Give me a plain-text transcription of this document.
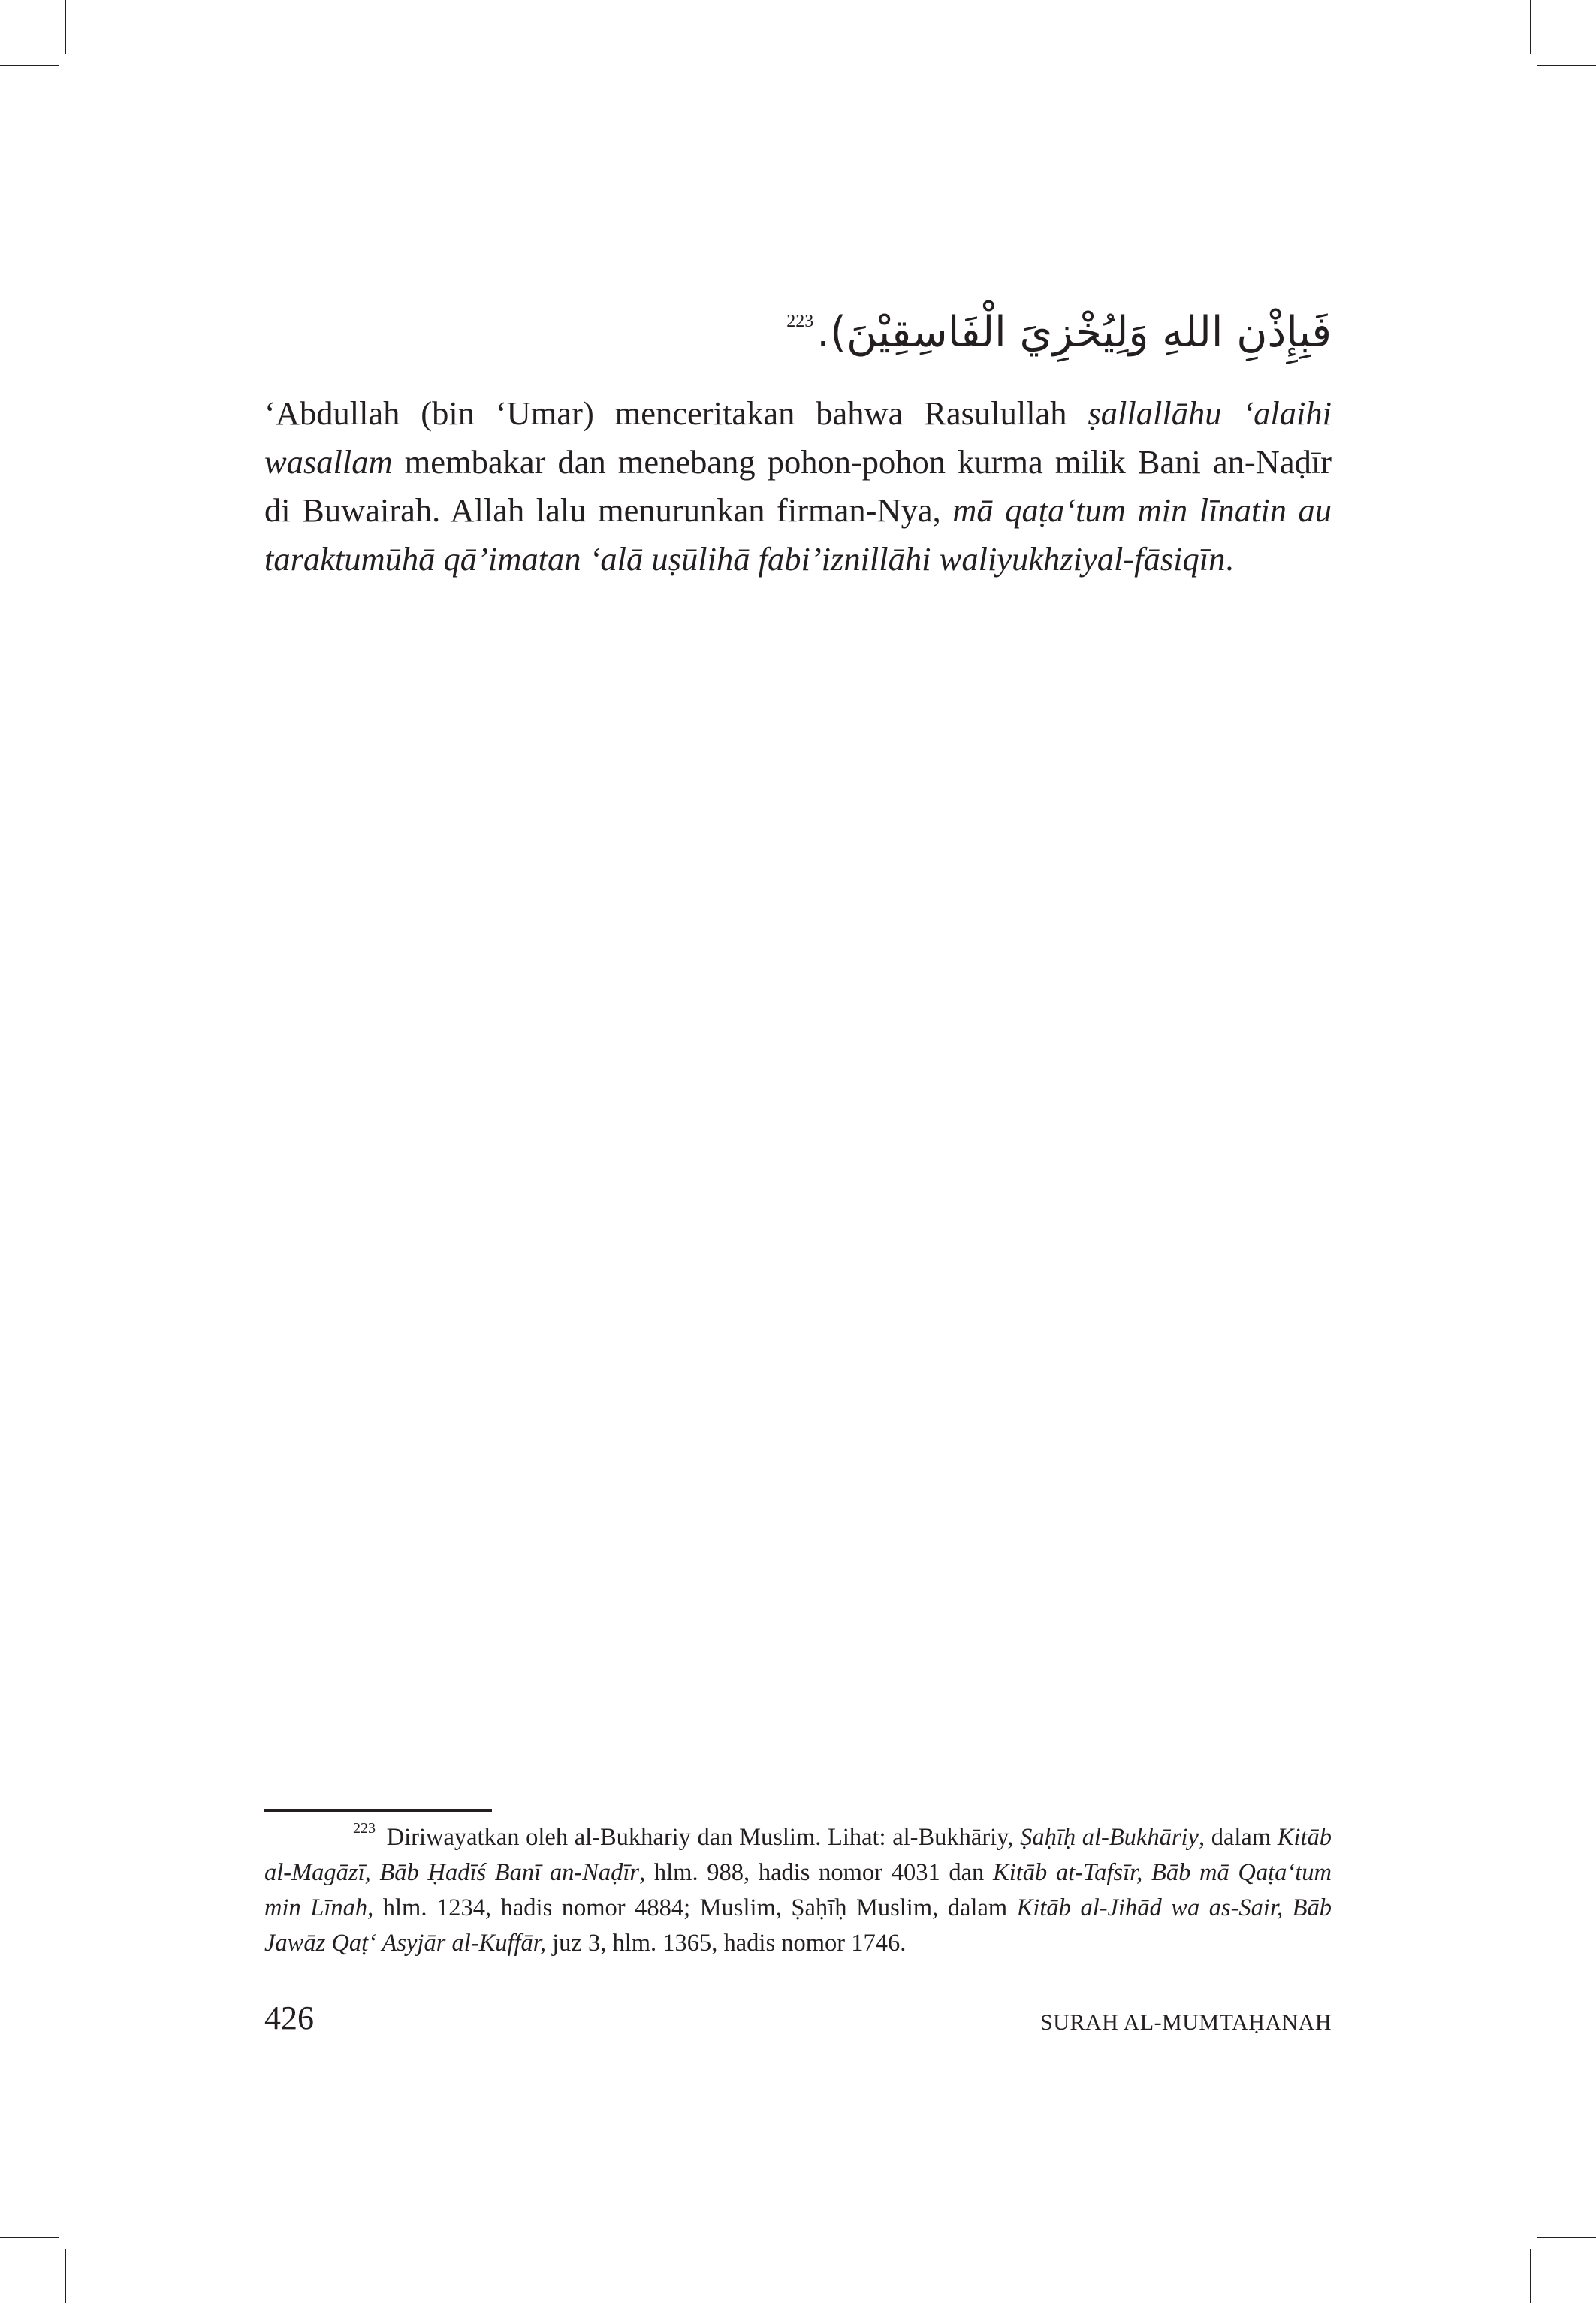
$^{223}$فَبِإِذْنِ اللهِ وَلِيُخْزِيَ الْفَاسِقِيْنَ).

‘Abdullah (bin ‘Umar) menceritakan bahwa Rasulullah ṣallallāhu ‘alaihi wasallam membakar dan menebang pohon-pohon kurma milik Bani an-Naḍīr di Buwairah. Allah lalu menurunkan firman-Nya, mā qaṭa‘tum min līnatin au taraktumūhā qā’imatan ‘alā uṣūlihā fabi’iznillāhi waliyukhziyal-fāsiqīn.

$^{223}$ Diriwayatkan oleh al-Bukhariy dan Muslim. Lihat: al-Bukhāriy, Ṣaḥīḥ al-Bukhāriy, dalam Kitāb al-Magāzī, Bāb Ḥadīś Banī an-Naḍīr, hlm. 988, hadis nomor 4031 dan Kitāb at-Tafsīr, Bāb mā Qaṭa‘tum min Līnah, hlm. 1234, hadis nomor 4884; Muslim, Ṣaḥīḥ Muslim, dalam Kitāb al-Jihād wa as-Sair, Bāb Jawāz Qaṭ‘ Asyjār al-Kuffār, juz 3, hlm. 1365, hadis nomor 1746.

426	SURAH AL-MUMTAḤANAH
